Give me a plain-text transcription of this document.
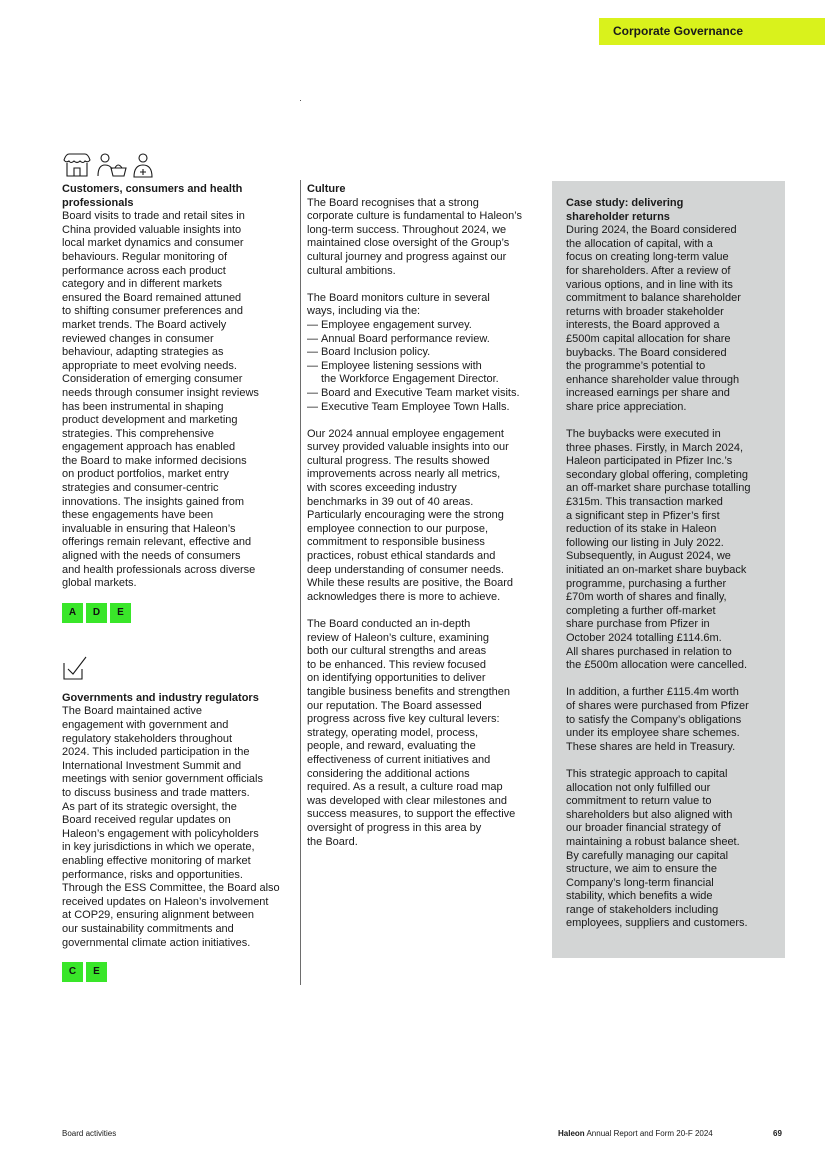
Corporate Governance
Customers, consumers and health
professionals
Board visits to trade and retail sites in
China provided valuable insights into
local market dynamics and consumer
behaviours. Regular monitoring of
performance across each product
category and in different markets
ensured the Board remained attuned
to shifting consumer preferences and
market trends. The Board actively
reviewed changes in consumer
behaviour, adapting strategies as
appropriate to meet evolving needs.
Consideration of emerging consumer
needs through consumer insight reviews
has been instrumental in shaping
product development and marketing
strategies. This comprehensive
engagement approach has enabled
the Board to make informed decisions
on product portfolios, market entry
strategies and consumer-centric
innovations. The insights gained from
these engagements have been
invaluable in ensuring that Haleon’s
offerings remain relevant, effective and
aligned with the needs of consumers
and health professionals across diverse
global markets.
A	D	E
Governments and industry regulators
The Board maintained active
engagement with government and
regulatory stakeholders throughout
2024. This included participation in the
International Investment Summit and
meetings with senior government officials
to discuss business and trade matters.
As part of its strategic oversight, the
Board received regular updates on
Haleon’s engagement with policyholders
in key jurisdictions in which we operate,
enabling effective monitoring of market
performance, risks and opportunities.
Through the ESS Committee, the Board also
received updates on Haleon’s involvement
at COP29, ensuring alignment between
our sustainability commitments and
governmental climate action initiatives.
C	E
Culture
The Board recognises that a strong
corporate culture is fundamental to Haleon’s
long-term success. Throughout 2024, we
maintained close oversight of the Group’s
cultural journey and progress against our
cultural ambitions.
The Board monitors culture in several
ways, including via the:
— Employee engagement survey.
— Annual Board performance review.
— Board Inclusion policy.
— Employee listening sessions with
the Workforce Engagement Director.
— Board and Executive Team market visits.
— Executive Team Employee Town Halls.
Our 2024 annual employee engagement
survey provided valuable insights into our
cultural progress. The results showed
improvements across nearly all metrics,
with scores exceeding industry
benchmarks in 39 out of 40 areas.
Particularly encouraging were the strong
employee connection to our purpose,
commitment to responsible business
practices, robust ethical standards and
deep understanding of consumer needs.
While these results are positive, the Board
acknowledges there is more to achieve.
The Board conducted an in-depth
review of Haleon’s culture, examining
both our cultural strengths and areas
to be enhanced. This review focused
on identifying opportunities to deliver
tangible business benefits and strengthen
our reputation. The Board assessed
progress across five key cultural levers:
strategy, operating model, process,
people, and reward, evaluating the
effectiveness of current initiatives and
considering the additional actions
required. As a result, a culture road map
was developed with clear milestones and
success measures, to support the effective
oversight of progress in this area by
the Board.
Case study: delivering
shareholder returns
During 2024, the Board considered
the allocation of capital, with a
focus on creating long-term value
for shareholders. After a review of
various options, and in line with its
commitment to balance shareholder
returns with broader stakeholder
interests, the Board approved a
£500m capital allocation for share
buybacks. The Board considered
the programme’s potential to
enhance shareholder value through
increased earnings per share and
share price appreciation.
The buybacks were executed in
three phases. Firstly, in March 2024,
Haleon participated in Pfizer Inc.’s
secondary global offering, completing
an off-market share purchase totalling
£315m. This transaction marked
a significant step in Pfizer’s first
reduction of its stake in Haleon
following our listing in July 2022.
Subsequently, in August 2024, we
initiated an on-market share buyback
programme, purchasing a further
£70m worth of shares and finally,
completing a further off-market
share purchase from Pfizer in
October 2024 totalling £114.6m.
All shares purchased in relation to
the £500m allocation were cancelled.
In addition, a further £115.4m worth
of shares were purchased from Pfizer
to satisfy the Company’s obligations
under its employee share schemes.
These shares are held in Treasury.
This strategic approach to capital
allocation not only fulfilled our
commitment to return value to
shareholders but also aligned with
our broader financial strategy of
maintaining a robust balance sheet.
By carefully managing our capital
structure, we aim to ensure the
Company’s long-term financial
stability, which benefits a wide
range of stakeholders including
employees, suppliers and customers.
Board activities	Haleon Annual Report and Form 20-F 2024	69
